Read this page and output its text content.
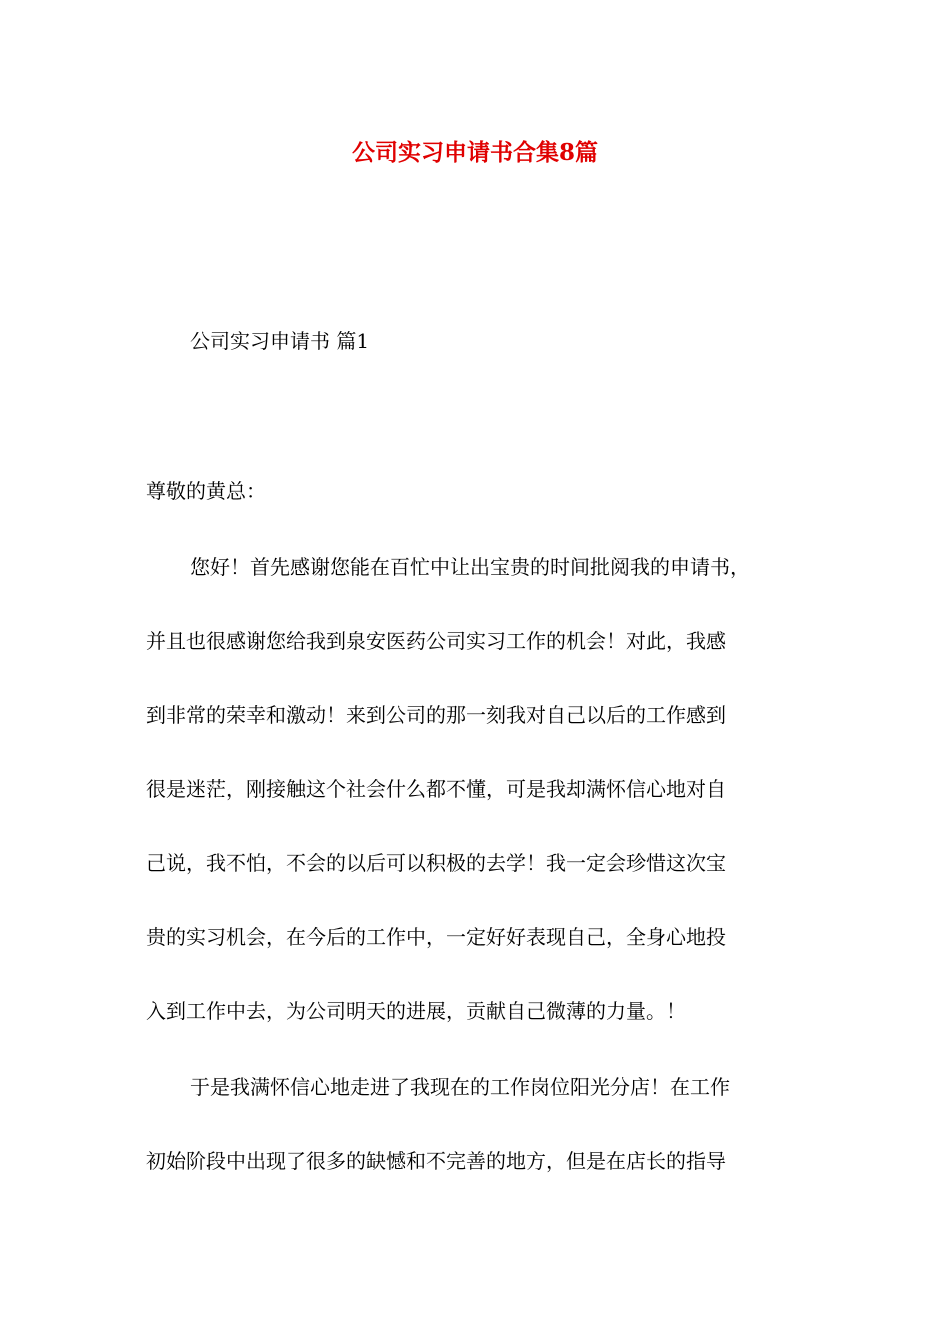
公司实习申请书合集8篇
公司实习申请书 篇1
尊敬的黄总：
您好！首先感谢您能在百忙中让出宝贵的时间批阅我的申请书，
并且也很感谢您给我到泉安医药公司实习工作的机会！对此，我感
到非常的荣幸和激动！来到公司的那一刻我对自己以后的工作感到
很是迷茫，刚接触这个社会什么都不懂，可是我却满怀信心地对自
己说，我不怕，不会的以后可以积极的去学！我一定会珍惜这次宝
贵的实习机会，在今后的工作中，一定好好表现自己，全身心地投
入到工作中去，为公司明天的进展，贡献自己微薄的力量。！
于是我满怀信心地走进了我现在的工作岗位阳光分店！在工作
初始阶段中出现了很多的缺憾和不完善的地方，但是在店长的指导
